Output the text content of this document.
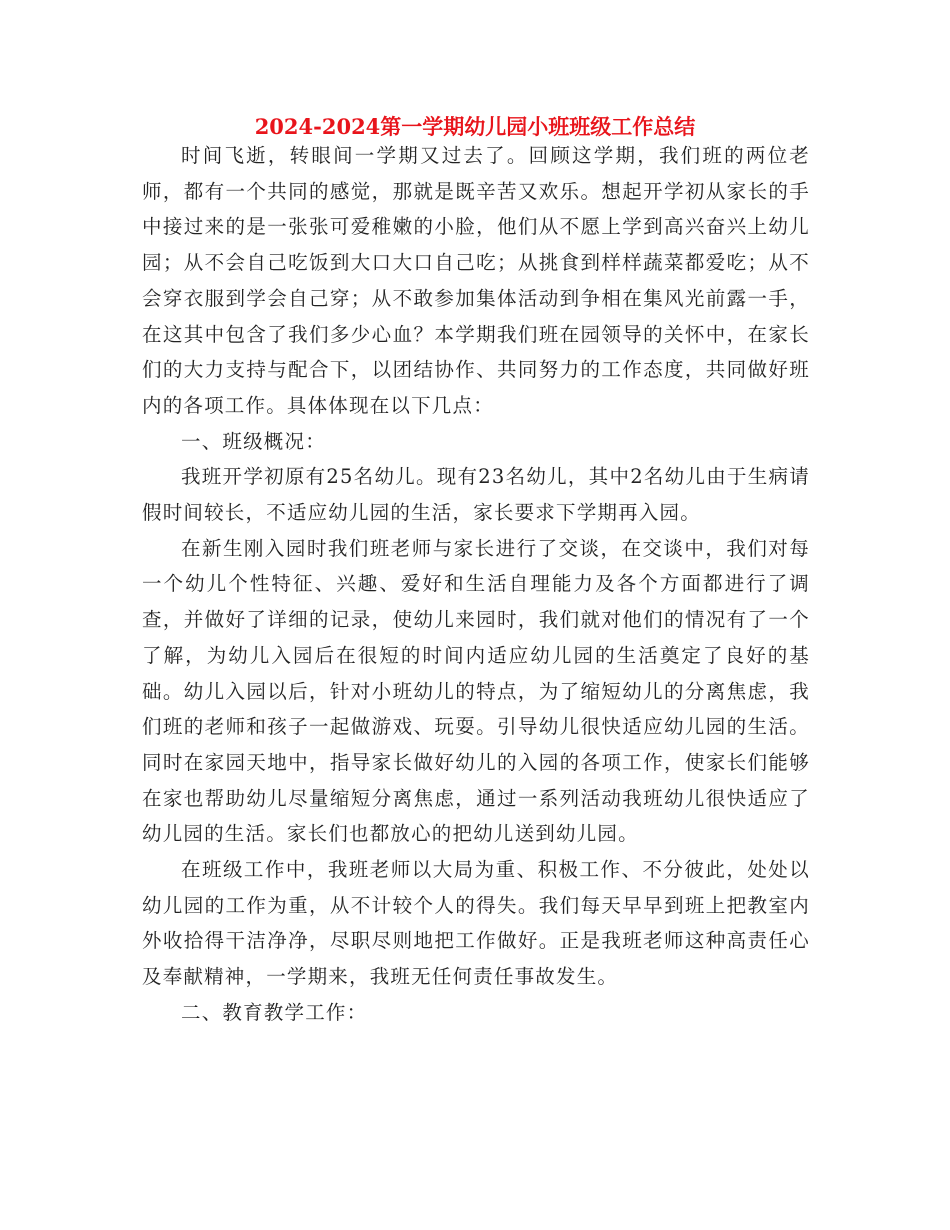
2024-2024第一学期幼儿园小班班级工作总结

时间飞逝，转眼间一学期又过去了。回顾这学期，我们班的两位老师，都有一个共同的感觉，那就是既辛苦又欢乐。想起开学初从家长的手中接过来的是一张张可爱稚嫩的小脸，他们从不愿上学到高兴奋兴上幼儿园；从不会自己吃饭到大口大口自己吃；从挑食到样样蔬菜都爱吃；从不会穿衣服到学会自己穿；从不敢参加集体活动到争相在集风光前露一手，在这其中包含了我们多少心血？本学期我们班在园领导的关怀中，在家长们的大力支持与配合下，以团结协作、共同努力的工作态度，共同做好班内的各项工作。具体体现在以下几点：

一、班级概况：

我班开学初原有25名幼儿。现有23名幼儿，其中2名幼儿由于生病请假时间较长，不适应幼儿园的生活，家长要求下学期再入园。

在新生刚入园时我们班老师与家长进行了交谈，在交谈中，我们对每一个幼儿个性特征、兴趣、爱好和生活自理能力及各个方面都进行了调查，并做好了详细的记录，使幼儿来园时，我们就对他们的情况有了一个了解，为幼儿入园后在很短的时间内适应幼儿园的生活奠定了良好的基础。幼儿入园以后，针对小班幼儿的特点，为了缩短幼儿的分离焦虑，我们班的老师和孩子一起做游戏、玩耍。引导幼儿很快适应幼儿园的生活。同时在家园天地中，指导家长做好幼儿的入园的各项工作，使家长们能够在家也帮助幼儿尽量缩短分离焦虑，通过一系列活动我班幼儿很快适应了幼儿园的生活。家长们也都放心的把幼儿送到幼儿园。

在班级工作中，我班老师以大局为重、积极工作、不分彼此，处处以幼儿园的工作为重，从不计较个人的得失。我们每天早早到班上把教室内外收拾得干洁净净，尽职尽则地把工作做好。正是我班老师这种高责任心及奉献精神，一学期来，我班无任何责任事故发生。

二、教育教学工作：
